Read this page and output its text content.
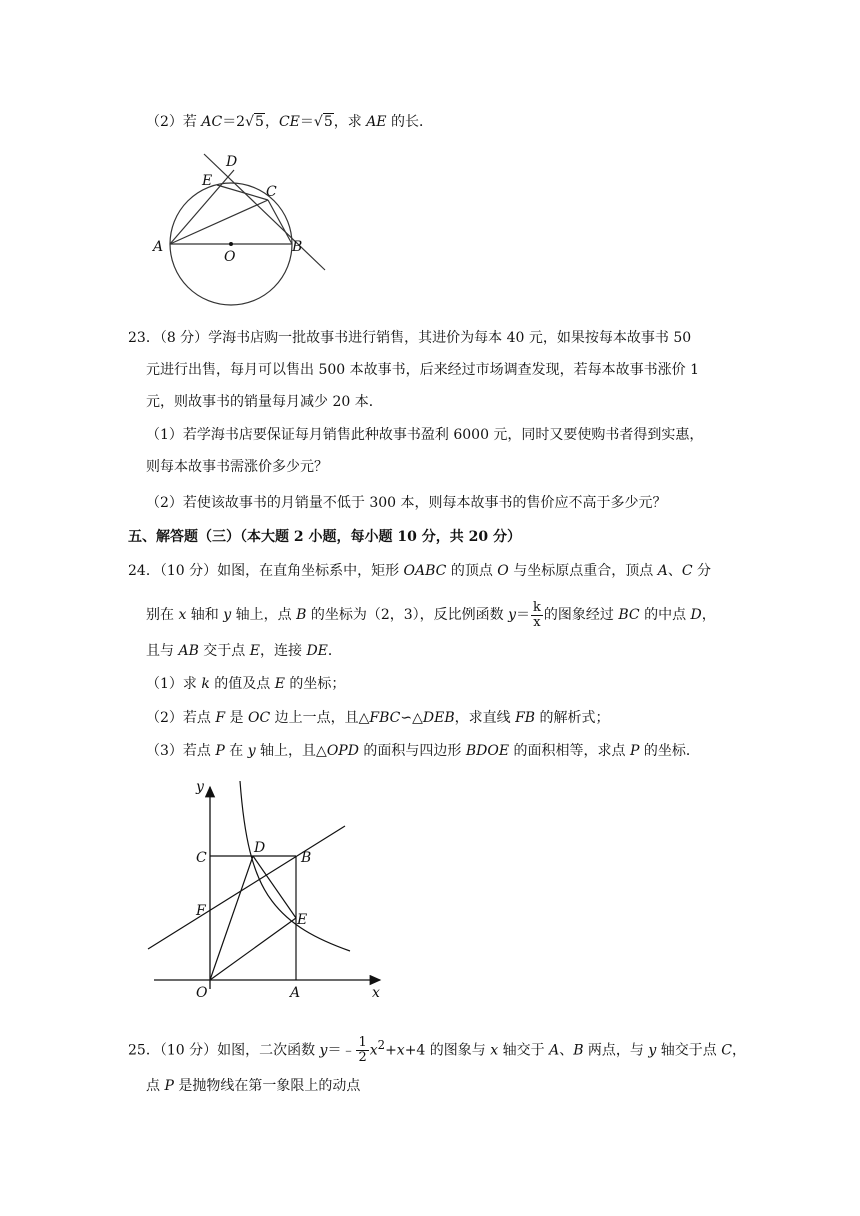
（2）若 AC＝2√5，CE＝√5，求 AE 的长．
D
E
C
A
O
B
23．（8 分）学海书店购一批故事书进行销售，其进价为每本 40 元，如果按每本故事书 50
元进行出售，每月可以售出 500 本故事书，后来经过市场调查发现，若每本故事书涨价 1
元，则故事书的销量每月减少 20 本．
（1）若学海书店要保证每月销售此种故事书盈利 6000 元，同时又要使购书者得到实惠，
则每本故事书需涨价多少元？
（2）若使该故事书的月销量不低于 300 本，则每本故事书的售价应不高于多少元？
五、解答题（三）（本大题 2 小题，每小题 10 分，共 20 分）
24．（10 分）如图，在直角坐标系中，矩形 OABC 的顶点 O 与坐标原点重合，顶点 A、C 分
别在 x 轴和 y 轴上，点 B 的坐标为（2，3），反比例函数 $y= \frac{k}{x}$ 的图象经过 BC 的中点 D，
且与 AB 交于点 E，连接 DE．
（1）求 k 的值及点 E 的坐标；
（2）若点 F 是 OC 边上一点，且△FBC∽△DEB，求直线 FB 的解析式；
（3）若点 P 在 y 轴上，且△OPD 的面积与四边形 BDOE 的面积相等，求点 P 的坐标．
y
C
D
B
F
E
O	A	x
25．（10 分）如图，二次函数 y＝﹣ $\frac{1}{2} x^2+x+4$ 的图象与 x 轴交于 A、B 两点，与 y 轴交于点 C，
点 P 是抛物线在第一象限上的动点
